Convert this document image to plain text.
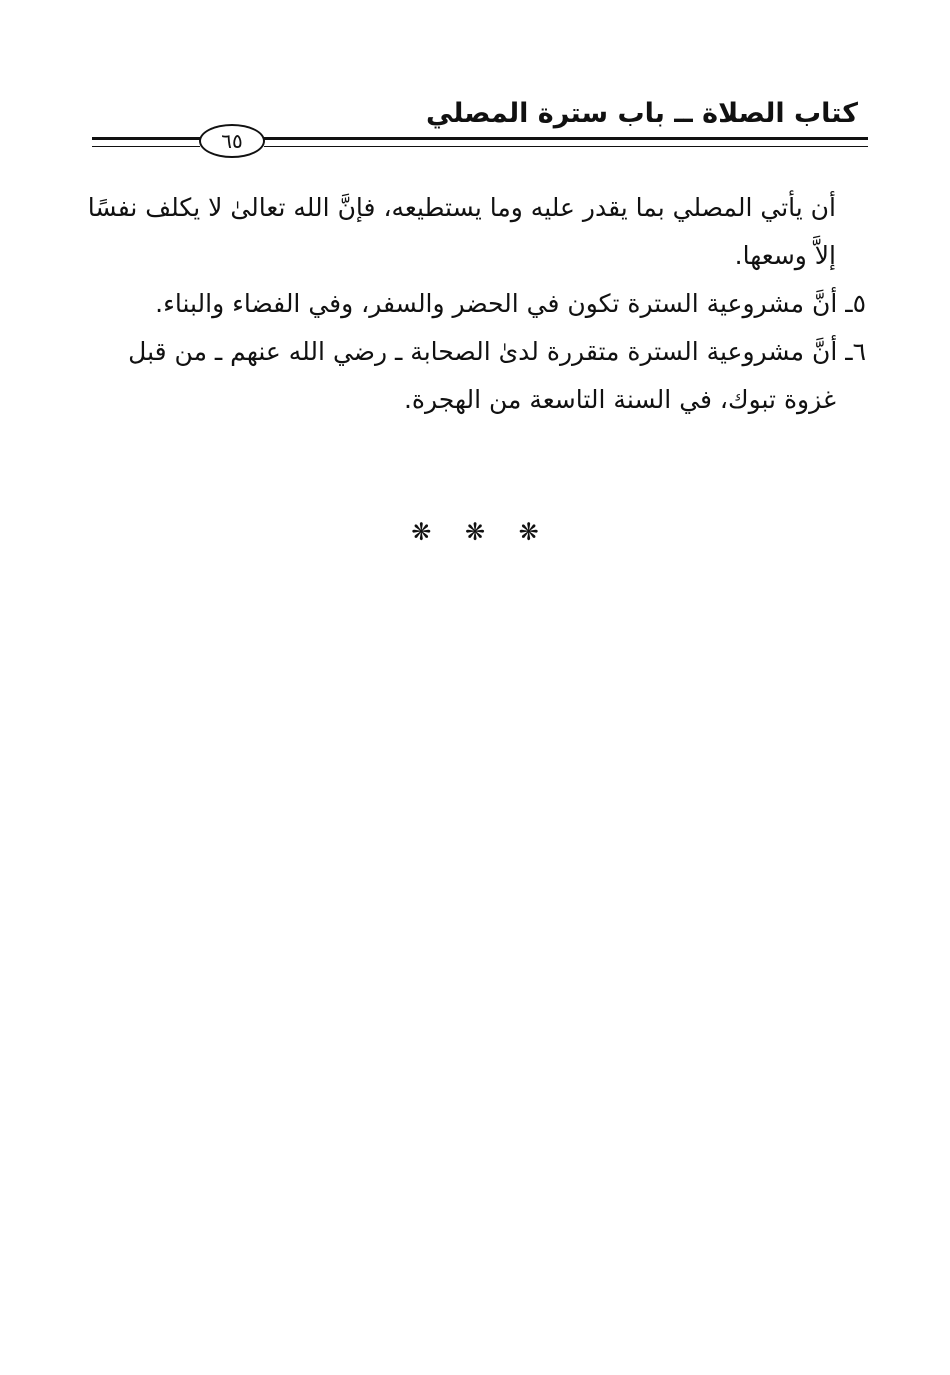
كتاب الصلاة ــ باب سترة المصلي
٦٥

أن يأتي المصلي بما يقدر عليه وما يستطيعه، فإنَّ الله تعالىٰ لا يكلف نفسًا إلاَّ وسعها.

٥ـ أنَّ مشروعية السترة تكون في الحضر والسفر، وفي الفضاء والبناء.

٦ـ أنَّ مشروعية السترة متقررة لدىٰ الصحابة ـ رضي الله عنهم ـ من قبل غزوة تبوك، في السنة التاسعة من الهجرة.

❋ ❋ ❋
